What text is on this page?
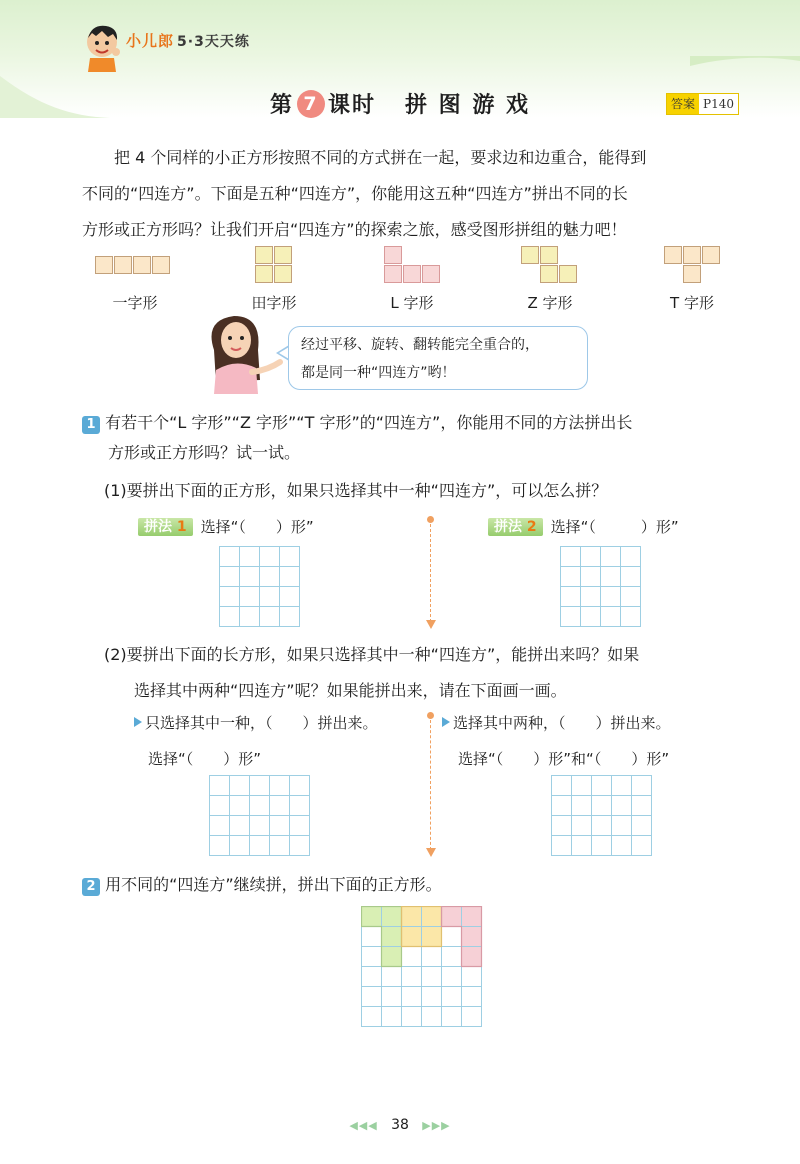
小儿郎 5·3天天练
第 7 课时 拼 图 游 戏	答案 P140
把 4 个同样的小正方形按照不同的方式拼在一起，要求边和边重合，能得到
不同的“四连方”。下面是五种“四连方”，你能用这五种“四连方”拼出不同的长
方形或正方形吗？让我们开启“四连方”的探索之旅，感受图形拼组的魅力吧！
一字形	田字形	L 字形	Z 字形	T 字形
经过平移、旋转、翻转能完全重合的，
都是同一种“四连方”哟！
1 有若干个“L 字形”“Z 字形”“T 字形”的“四连方”，你能用不同的方法拼出长
方形或正方形吗？试一试。
(1)要拼出下面的正方形，如果只选择其中一种“四连方”，可以怎么拼？
拼法 1 选择“（　　）形”	拼法 2 选择“（　　　）形”
(2)要拼出下面的长方形，如果只选择其中一种“四连方”，能拼出来吗？如果
选择其中两种“四连方”呢？如果能拼出来，请在下面画一画。
只选择其中一种，（　　）拼出来。
选择“（　　）形”
选择其中两种，（　　）拼出来。
选择“（　　）形”和“（　　）形”
2 用不同的“四连方”继续拼，拼出下面的正方形。
◀◀◀ 38 ▶▶▶
